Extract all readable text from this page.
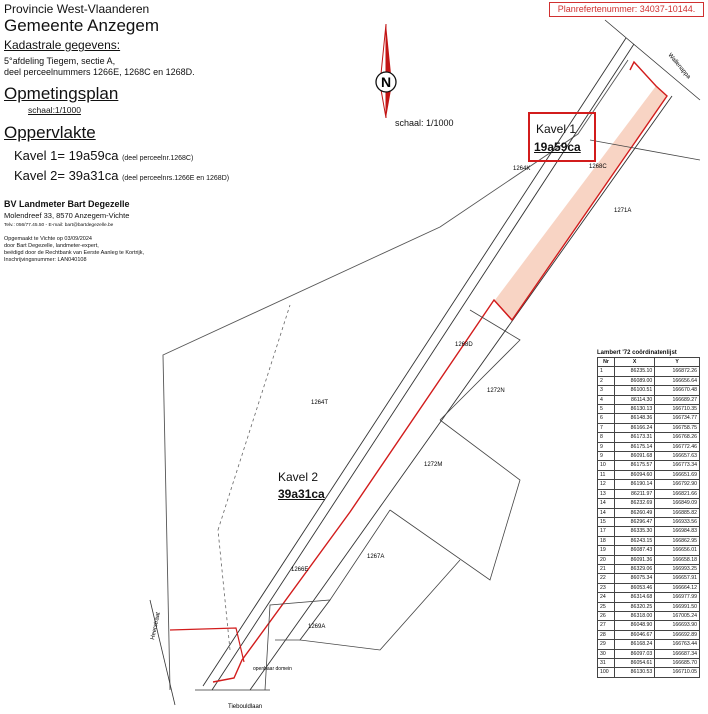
Provincie West-Vlaanderen
Gemeente Anzegem
Kadastrale gegevens:
5°afdeling Tiegem, sectie A,
deel perceelnummers 1266E, 1268C en 1268D.
Opmetingsplan
schaal:1/1000
Oppervlakte
Kavel 1= 19a59ca (deel perceelnr.1268C)
Kavel 2= 39a31ca (deel perceelnrs.1266E en 1268D)
BV Landmeter Bart Degezelle
Molendreef 33, 8570 Anzegem-Vichte
Telv.: 056/77.45.50 - E-mail: bart@bartdegezelle.be
Opgemaakt te Vichte op 03/09/2024
door Bart Degezelle, landmeter-expert,
beëdigd door de Rechtbank van Eerste Aanleg te Kortrijk,
Inschrijvingsnummer: LAN040108
Planrefertenummer: 34037-10144.
N
schaal: 1/1000
1264K	1268C
1271A
1268D
1264T
1272N
1272M
1267A
1266E
1269A
Wallenappa
Heerstraat
Tiebouldlaan
openbaar domein
Kavel 1
19a59ca
Kavel 2
39a31ca
Lambert '72 coördinatenlijst
Nr	X	Y
1	86235.10	166872.26
2	86089.00	166656.64
3	86100.51	166670.48
4	86114.30	166689.27
5	86130.13	166710.35
6	86148.36	166734.77
7	86166.24	166758.75
8	86173.31	166768.26
9	86175.14	166772.46
9	86091.68	166657.63
10	86175.57	166773.34
11	86094.60	166651.69
12	86190.14	166792.90
13	86211.97	166821.66
14	86232.69	166849.09
14	86260.49	166885.82
15	86296.47	166933.56
17	86335.30	166984.83
18	86243.15	166862.95
19	86087.43	166656.01
20	86091.36	166658.18
21	86329.06	166993.25
22	86075.34	166657.91
23	86053.46	166664.12
24	86314.68	166977.99
25	86320.25	166991.50
26	86318.00	167005.24
27	86048.90	166693.90
28	86046.67	166692.89
29	86168.24	166763.44
30	86097.03	166687.34
31	86054.61	166685.70
100	86130.53	166710.05
